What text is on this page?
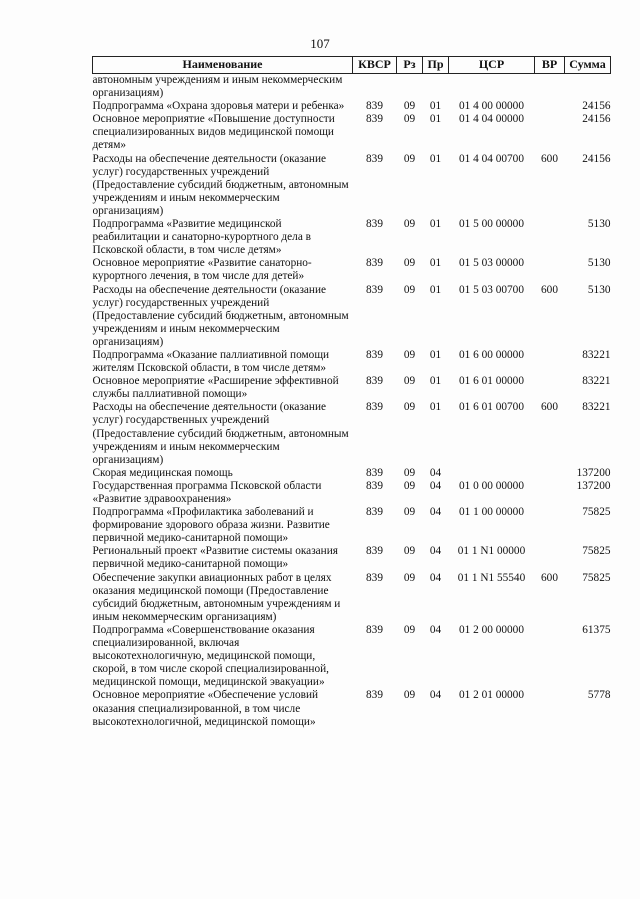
107
Наименование	КВСР	Рз	Пр	ЦСР	ВР	Сумма
автономным учреждениям и иным некоммерческим организациям)						
Подпрограмма «Охрана здоровья матери и ребенка»	839	09	01	01 4 00 00000		24156
Основное мероприятие «Повышение доступности специализированных видов медицинской помощи детям»	839	09	01	01 4 04 00000		24156
Расходы на обеспечение деятельности (оказание услуг) государственных учреждений (Предоставление субсидий бюджетным, автономным учреждениям и иным некоммерческим организациям)	839	09	01	01 4 04 00700	600	24156
Подпрограмма «Развитие медицинской реабилитации и санаторно-курортного дела в Псковской области, в том числе детям»	839	09	01	01 5 00 00000		5130
Основное мероприятие «Развитие санаторно-курортного лечения, в том числе для детей»	839	09	01	01 5 03 00000		5130
Расходы на обеспечение деятельности (оказание услуг) государственных учреждений (Предоставление субсидий бюджетным, автономным учреждениям и иным некоммерческим организациям)	839	09	01	01 5 03 00700	600	5130
Подпрограмма «Оказание паллиативной помощи жителям Псковской области, в том числе детям»	839	09	01	01 6 00 00000		83221
Основное мероприятие «Расширение эффективной службы паллиативной помощи»	839	09	01	01 6 01 00000		83221
Расходы на обеспечение деятельности (оказание услуг) государственных учреждений (Предоставление субсидий бюджетным, автономным учреждениям и иным некоммерческим организациям)	839	09	01	01 6 01 00700	600	83221
Скорая медицинская помощь	839	09	04			137200
Государственная программа Псковской области «Развитие здравоохранения»	839	09	04	01 0 00 00000		137200
Подпрограмма «Профилактика заболеваний и формирование здорового образа жизни. Развитие первичной медико-санитарной помощи»	839	09	04	01 1 00 00000		75825
Региональный проект «Развитие системы оказания первичной медико-санитарной помощи»	839	09	04	01 1 N1 00000		75825
Обеспечение закупки авиационных работ в целях оказания медицинской помощи (Предоставление субсидий бюджетным, автономным учреждениям и иным некоммерческим организациям)	839	09	04	01 1 N1 55540	600	75825
Подпрограмма «Совершенствование оказания специализированной, включая высокотехнологичную, медицинской помощи, скорой, в том числе скорой специализированной, медицинской помощи, медицинской эвакуации»	839	09	04	01 2 00 00000		61375
Основное мероприятие «Обеспечение условий оказания специализированной, в том числе высокотехнологичной, медицинской помощи»	839	09	04	01 2 01 00000		5778
